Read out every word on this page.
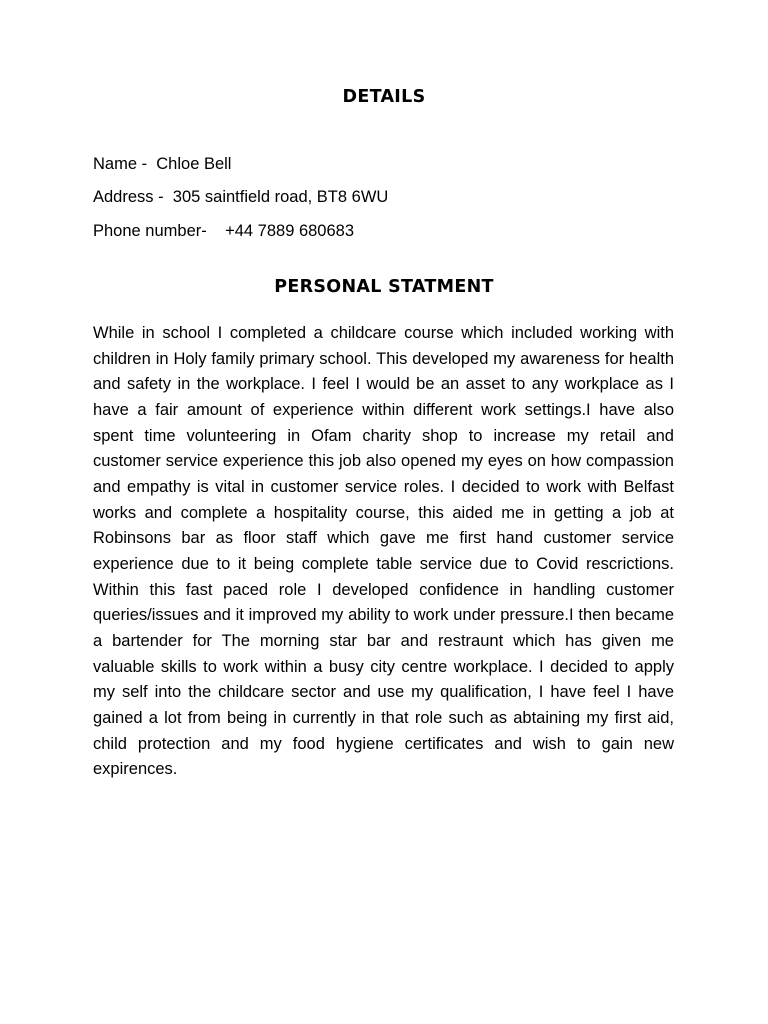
DETAILS

Name - Chloe Bell

Address - 305 saintfield road, BT8 6WU

Phone number- +44 7889 680683

PERSONAL STATMENT

While in school I completed a childcare course which included working with children in Holy family primary school. This developed my awareness for health and safety in the workplace. I feel I would be an asset to any workplace as I have a fair amount of experience within different work settings.I have also spent time volunteering in Ofam charity shop to increase my retail and customer service experience this job also opened my eyes on how compassion and empathy is vital in customer service roles. I decided to work with Belfast works and complete a hospitality course, this aided me in getting a job at Robinsons bar as floor staff which gave me first hand customer service experience due to it being complete table service due to Covid rescrictions. Within this fast paced role I developed confidence in handling customer queries/issues and it improved my ability to work under pressure.I then became a bartender for The morning star bar and restraunt which has given me valuable skills to work within a busy city centre workplace. I decided to apply my self into the childcare sector and use my qualification, I have feel I have gained a lot from being in currently in that role such as abtaining my first aid, child protection and my food hygiene certificates and wish to gain new expirences.
